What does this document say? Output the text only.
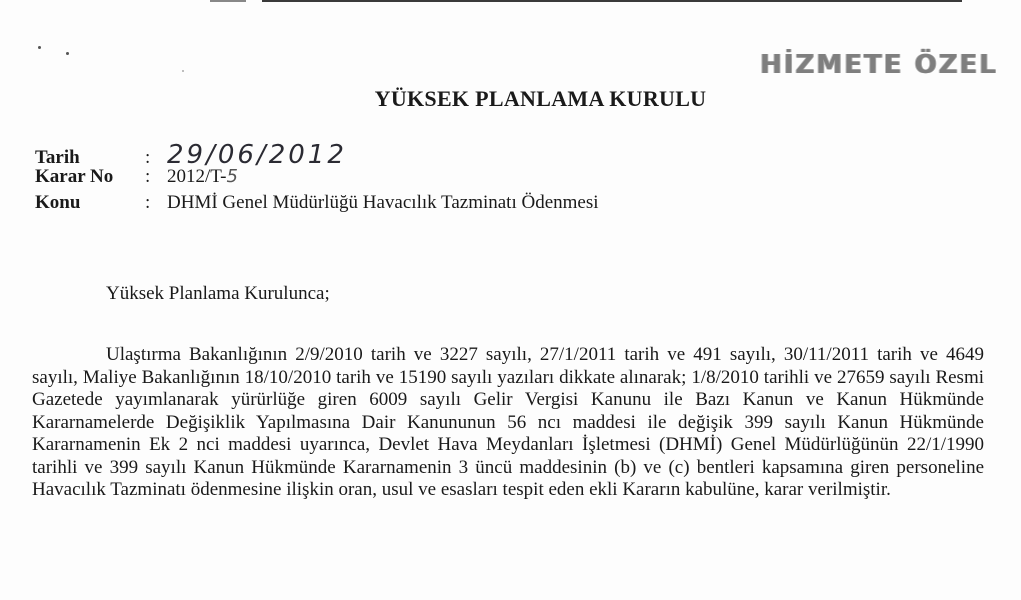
YÜKSEK PLANLAMA KURULU
HİZMETE ÖZEL
Tarih	: 29/06/2012
Karar No	: 2012/T-5
Konu	: DHMİ Genel Müdürlüğü Havacılık Tazminatı Ödenmesi
Yüksek Planlama Kurulunca;
Ulaştırma Bakanlığının 2/9/2010 tarih ve 3227 sayılı, 27/1/2011 tarih ve 491 sayılı, 30/11/2011 tarih ve 4649 sayılı, Maliye Bakanlığının 18/10/2010 tarih ve 15190 sayılı yazıları dikkate alınarak; 1/8/2010 tarihli ve 27659 sayılı Resmi Gazetede yayımlanarak yürürlüğe giren 6009 sayılı Gelir Vergisi Kanunu ile Bazı Kanun ve Kanun Hükmünde Kararnamelerde Değişiklik Yapılmasına Dair Kanununun 56 ncı maddesi ile değişik 399 sayılı Kanun Hükmünde Kararnamenin Ek 2 nci maddesi uyarınca, Devlet Hava Meydanları İşletmesi (DHMİ) Genel Müdürlüğünün 22/1/1990 tarihli ve 399 sayılı Kanun Hükmünde Kararnamenin 3 üncü maddesinin (b) ve (c) bentleri kapsamına giren personeline Havacılık Tazminatı ödenmesine ilişkin oran, usul ve esasları tespit eden ekli Kararın kabulüne, karar verilmiştir.
